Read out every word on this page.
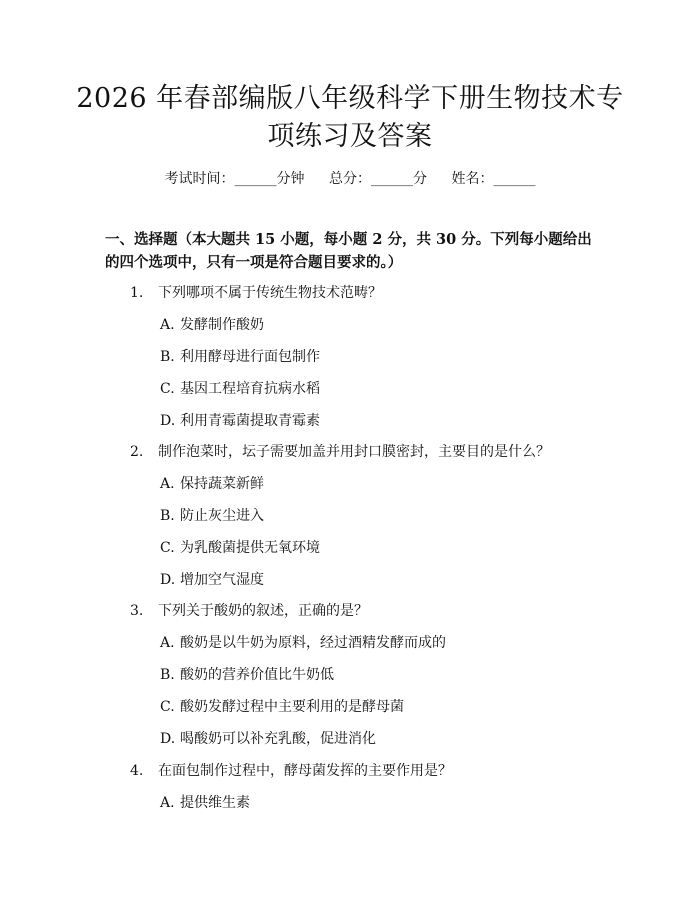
2026 年春部编版八年级科学下册生物技术专
项练习及答案
考试时间：______分钟 总分：______分 姓名：______
一、选择题（本大题共 15 小题，每小题 2 分，共 30 分。下列每小题给出的四个选项中，只有一项是符合题目要求的。）
1. 下列哪项不属于传统生物技术范畴？
A. 发酵制作酸奶
B. 利用酵母进行面包制作
C. 基因工程培育抗病水稻
D. 利用青霉菌提取青霉素
2. 制作泡菜时，坛子需要加盖并用封口膜密封，主要目的是什么？
A. 保持蔬菜新鲜
B. 防止灰尘进入
C. 为乳酸菌提供无氧环境
D. 增加空气湿度
3. 下列关于酸奶的叙述，正确的是？
A. 酸奶是以牛奶为原料，经过酒精发酵而成的
B. 酸奶的营养价值比牛奶低
C. 酸奶发酵过程中主要利用的是酵母菌
D. 喝酸奶可以补充乳酸，促进消化
4. 在面包制作过程中，酵母菌发挥的主要作用是？
A. 提供维生素
